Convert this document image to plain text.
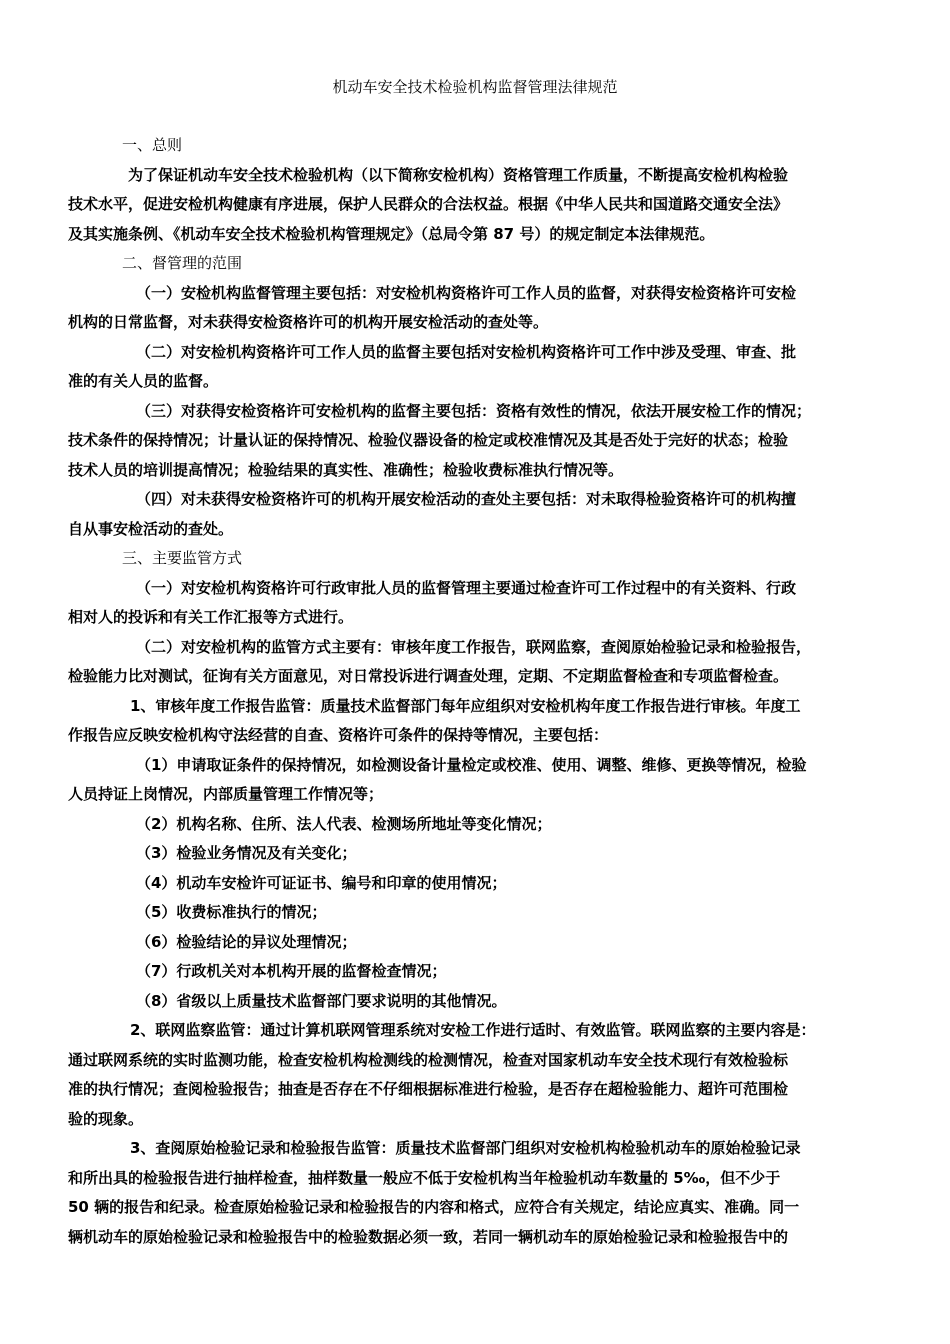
机动车安全技术检验机构监督管理法律规范
一、总则
为了保证机动车安全技术检验机构（以下简称安检机构）资格管理工作质量，不断提高安检机构检验
技术水平，促进安检机构健康有序进展，保护人民群众的合法权益。根据《中华人民共和国道路交通安全法》
及其实施条例、《机动车安全技术检验机构管理规定》（总局令第 87 号）的规定制定本法律规范。
二、督管理的范围
（一）安检机构监督管理主要包括：对安检机构资格许可工作人员的监督，对获得安检资格许可安检
机构的日常监督，对未获得安检资格许可的机构开展安检活动的查处等。
（二）对安检机构资格许可工作人员的监督主要包括对安检机构资格许可工作中涉及受理、审查、批
准的有关人员的监督。
（三）对获得安检资格许可安检机构的监督主要包括：资格有效性的情况，依法开展安检工作的情况；
技术条件的保持情况；计量认证的保持情况、检验仪器设备的检定或校准情况及其是否处于完好的状态；检验
技术人员的培训提高情况；检验结果的真实性、准确性；检验收费标准执行情况等。
（四）对未获得安检资格许可的机构开展安检活动的查处主要包括：对未取得检验资格许可的机构擅
自从事安检活动的查处。
三、主要监管方式
（一）对安检机构资格许可行政审批人员的监督管理主要通过检查许可工作过程中的有关资料、行政
相对人的投诉和有关工作汇报等方式进行。
（二）对安检机构的监管方式主要有：审核年度工作报告，联网监察，查阅原始检验记录和检验报告，
检验能力比对测试，征询有关方面意见，对日常投诉进行调查处理，定期、不定期监督检查和专项监督检查。
1、审核年度工作报告监管：质量技术监督部门每年应组织对安检机构年度工作报告进行审核。年度工
作报告应反映安检机构守法经营的自查、资格许可条件的保持等情况，主要包括：
（1）申请取证条件的保持情况，如检测设备计量检定或校准、使用、调整、维修、更换等情况，检验
人员持证上岗情况，内部质量管理工作情况等；
（2）机构名称、住所、法人代表、检测场所地址等变化情况；
（3）检验业务情况及有关变化；
（4）机动车安检许可证证书、编号和印章的使用情况；
（5）收费标准执行的情况；
（6）检验结论的异议处理情况；
（7）行政机关对本机构开展的监督检查情况；
（8）省级以上质量技术监督部门要求说明的其他情况。
2、联网监察监管：通过计算机联网管理系统对安检工作进行适时、有效监管。联网监察的主要内容是：
通过联网系统的实时监测功能，检查安检机构检测线的检测情况，检查对国家机动车安全技术现行有效检验标
准的执行情况；查阅检验报告；抽查是否存在不仔细根据标准进行检验，是否存在超检验能力、超许可范围检
验的现象。
3、查阅原始检验记录和检验报告监管：质量技术监督部门组织对安检机构检验机动车的原始检验记录
和所出具的检验报告进行抽样检查，抽样数量一般应不低于安检机构当年检验机动车数量的 5‰，但不少于
50 辆的报告和纪录。检查原始检验记录和检验报告的内容和格式，应符合有关规定，结论应真实、准确。同一
辆机动车的原始检验记录和检验报告中的检验数据必须一致，若同一辆机动车的原始检验记录和检验报告中的
